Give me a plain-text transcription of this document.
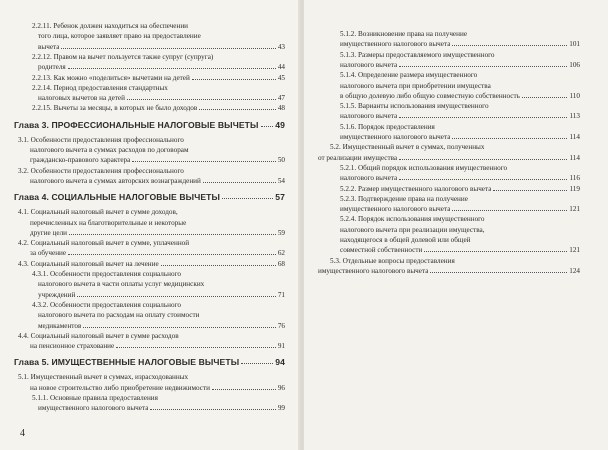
2.2.11. Ребенок должен находиться на обеспечении
того лица, которое заявляет право на предоставление
вычета	43
2.2.12. Правом на вычет пользуется также супруг (супруга)
родителя	44
2.2.13. Как можно «поделиться» вычетами на детей	45
2.2.14. Период предоставления стандартных
налоговых вычетов на детей	47
2.2.15. Вычеты за месяцы, в которых не было доходов	48
Глава 3. ПРОФЕССИОНАЛЬНЫЕ НАЛОГОВЫЕ ВЫЧЕТЫ 49
3.1. Особенности предоставления профессионального
налогового вычета в суммах расходов по договорам
гражданско-правового характера	50
3.2. Особенности предоставления профессионального
налогового вычета в суммах авторских вознаграждений	54
Глава 4. СОЦИАЛЬНЫЕ НАЛОГОВЫЕ ВЫЧЕТЫ	57
4.1. Социальный налоговый вычет в сумме доходов,
перечисленных на благотворительные и некоторые
другие цели	59
4.2. Социальный налоговый вычет в сумме, уплаченной
за обучение	62
4.3. Социальный налоговый вычет на лечение	68
4.3.1. Особенности предоставления социального
налогового вычета в части оплаты услуг медицинских
учреждений	71
4.3.2. Особенности предоставления социального
налогового вычета по расходам на оплату стоимости
медикаментов	76
4.4. Социальный налоговый вычет в сумме расходов
на пенсионное страхование	91
Глава 5. ИМУЩЕСТВЕННЫЕ НАЛОГОВЫЕ ВЫЧЕТЫ	94
5.1. Имущественный вычет в суммах, израсходованных
на новое строительство либо приобретение недвижимости	96
5.1.1. Основные правила предоставления
имущественного налогового вычета	99
4
5.1.2. Возникновение права на получение
имущественного налогового вычета	101
5.1.3. Размеры предоставляемого имущественного
налогового вычета	106
5.1.4. Определение размера имущественного
налогового вычета при приобретении имущества
в общую долевую либо общую совместную собственность	110
5.1.5. Варианты использования имущественного
налогового вычета	113
5.1.6. Порядок предоставления
имущественного налогового вычета	114
5.2. Имущественный вычет в суммах, полученных
от реализации имущества	114
5.2.1. Общий порядок использования имущественного
налогового вычета	116
5.2.2. Размер имущественного налогового вычета	119
5.2.3. Подтверждение права на получение
имущественного налогового вычета	121
5.2.4. Порядок использования имущественного
налогового вычета при реализации имущества,
находящегося в общей долевой или общей
совместной собственности	121
5.3. Отдельные вопросы предоставления
имущественного налогового вычета	124
